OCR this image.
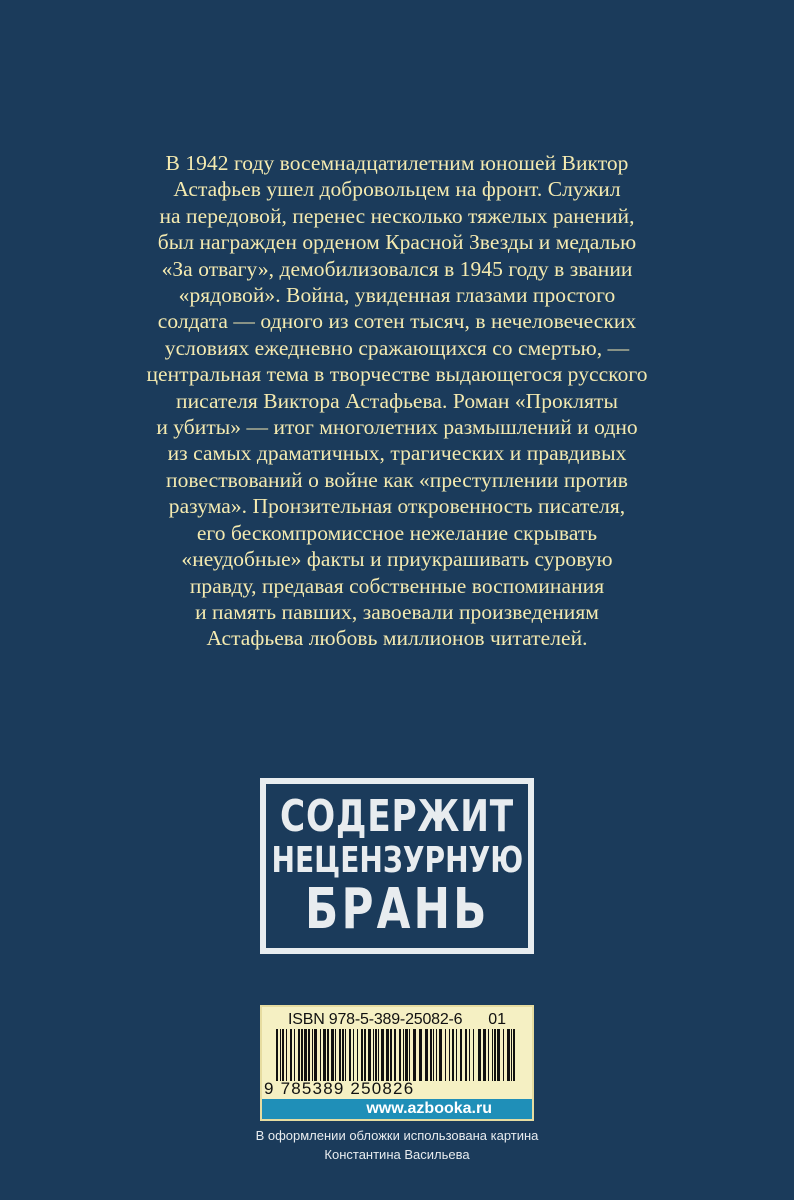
В 1942 году восемнадцатилетним юношей Виктор
Астафьев ушел добровольцем на фронт. Служил
на передовой, перенес несколько тяжелых ранений,
был награжден орденом Красной Звезды и медалью
«За отвагу», демобилизовался в 1945 году в звании
«рядовой». Война, увиденная глазами простого
солдата — одного из сотен тысяч, в нечеловеческих
условиях ежедневно сражающихся со смертью, —
центральная тема в творчестве выдающегося русского
писателя Виктора Астафьева. Роман «Прокляты
и убиты» — итог многолетних размышлений и одно
из самых драматичных, трагических и правдивых
повествований о войне как «преступлении против
разума». Пронзительная откровенность писателя,
его бескомпромиссное нежелание скрывать
«неудобные» факты и приукрашивать суровую
правду, предавая собственные воспоминания
и память павших, завоевали произведениям
Астафьева любовь миллионов читателей.
СОДЕРЖИТ
НЕЦЕНЗУРНУЮ
БРАНЬ
ISBN 978-5-389-25082-6 01
9 785389 250826
www.azbooka.ru
В оформлении обложки использована картина
Константина Васильева
